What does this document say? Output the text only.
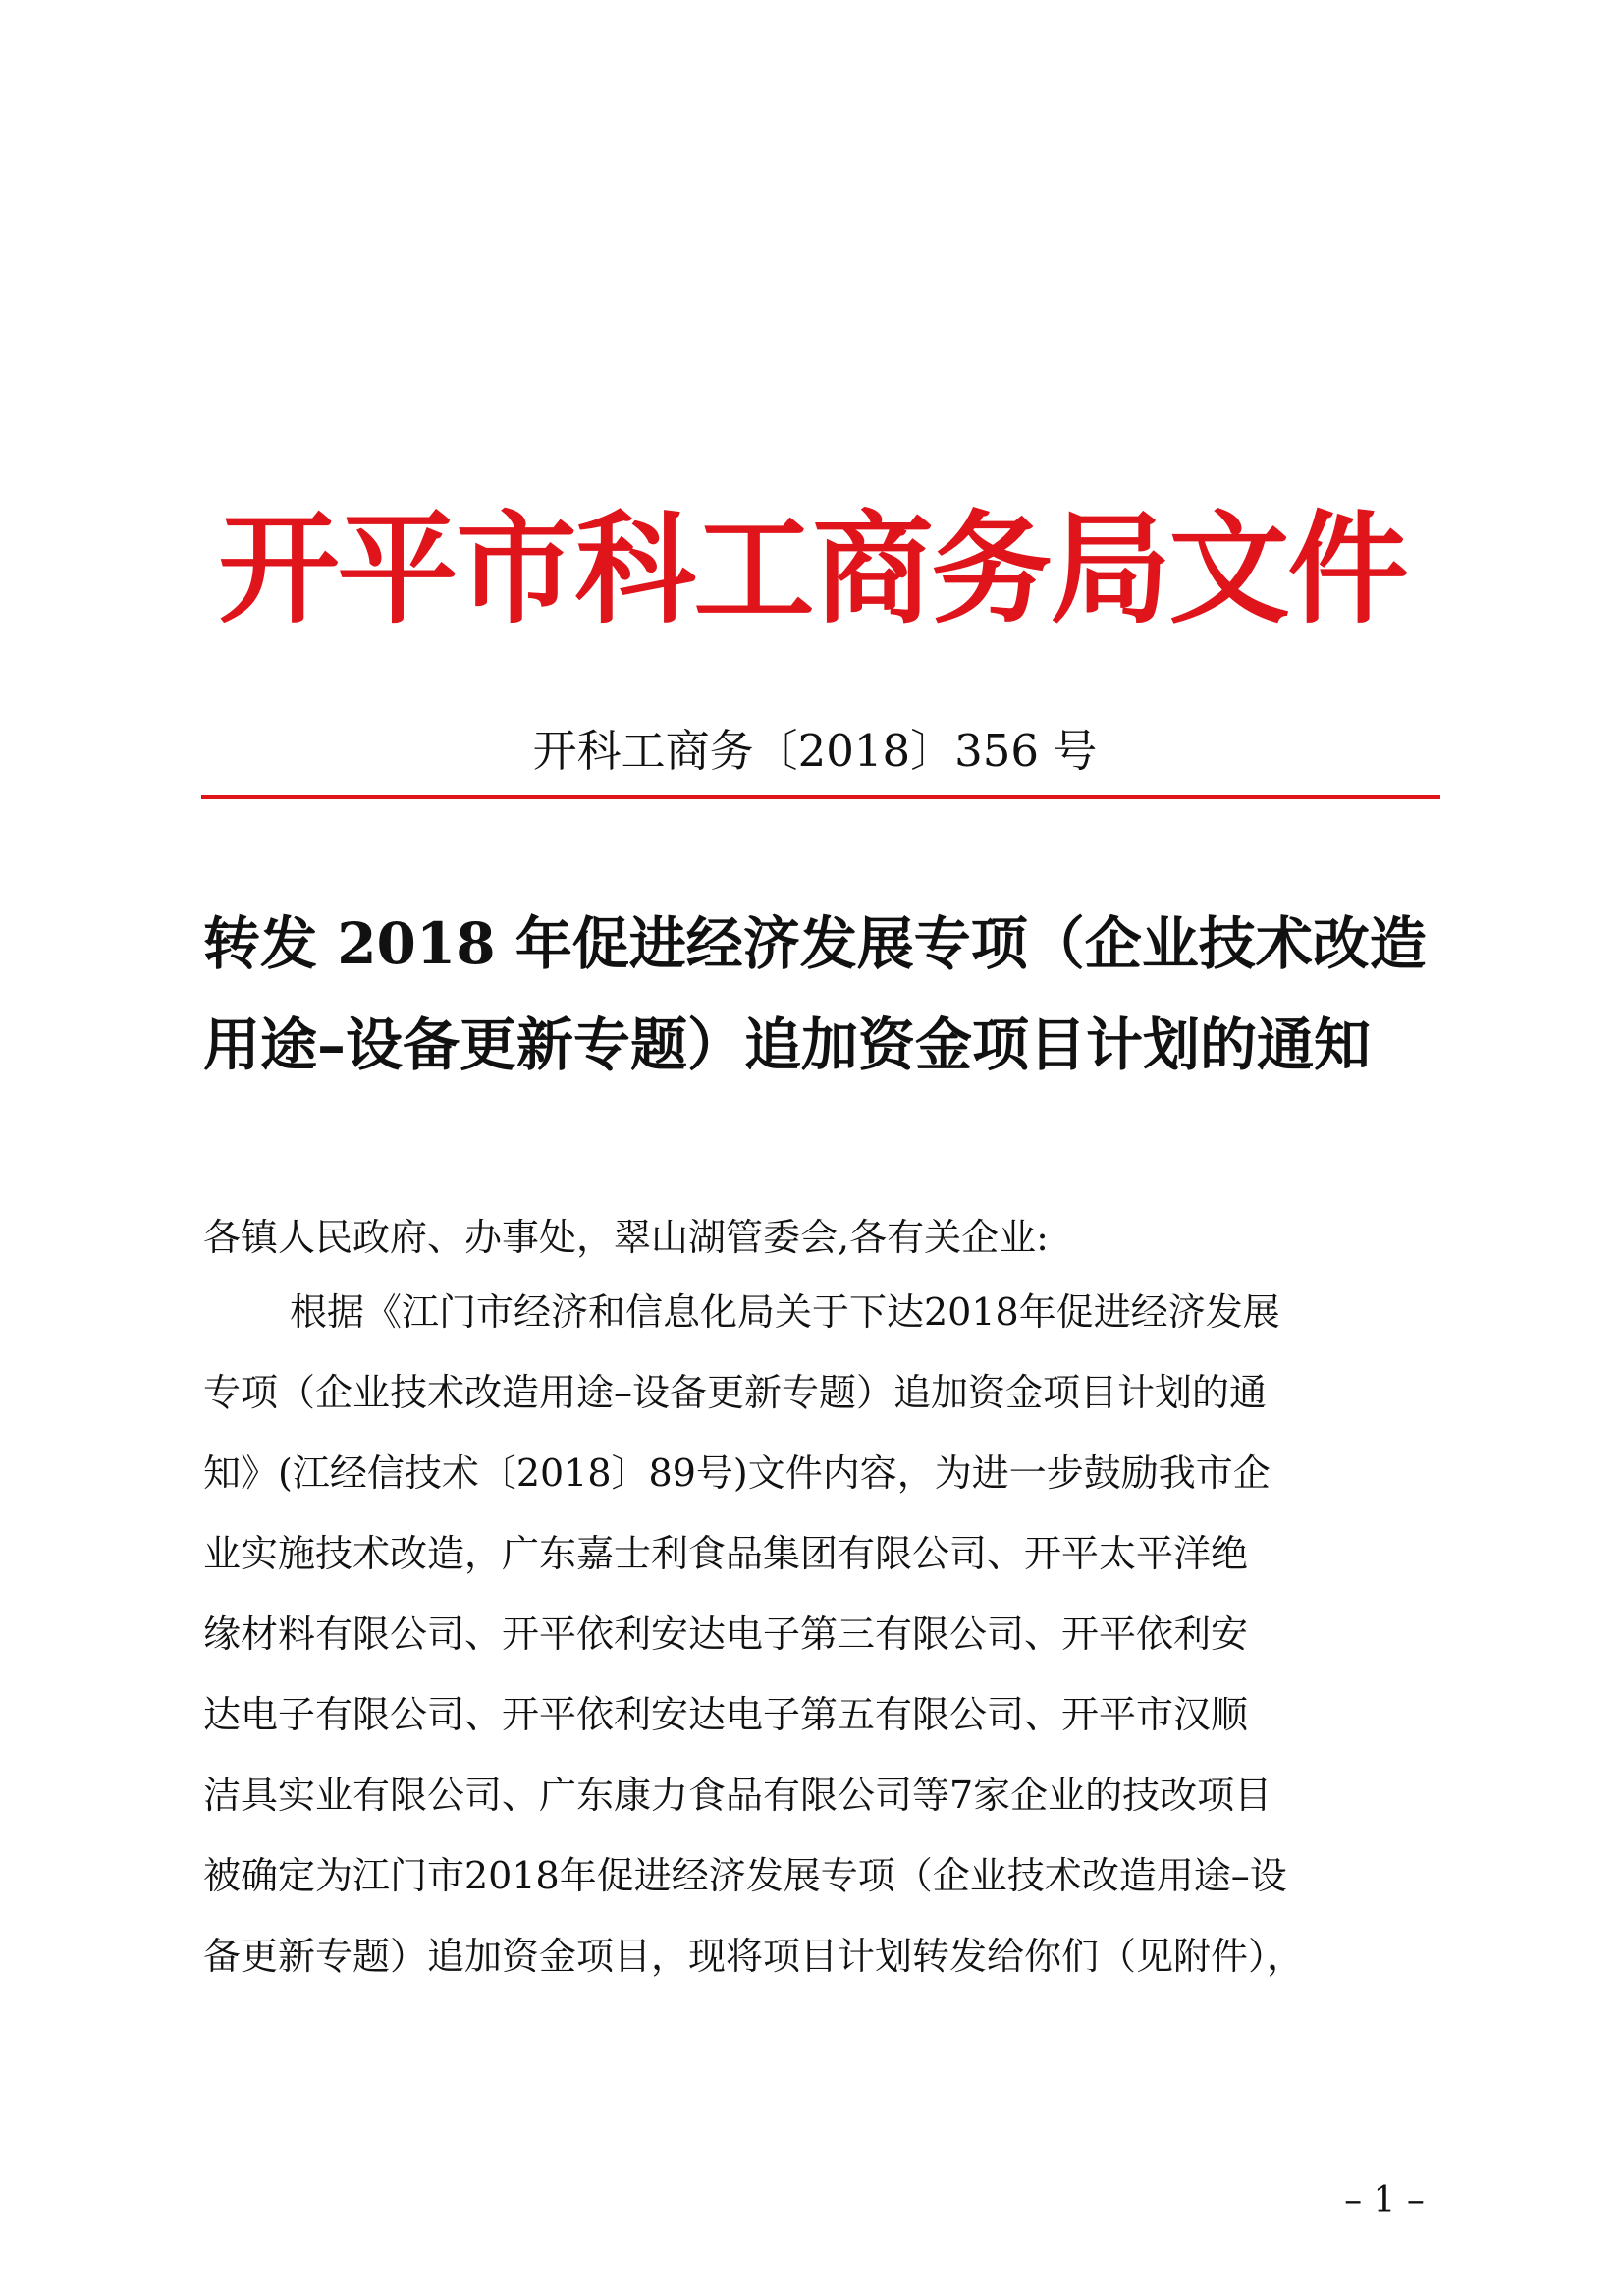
开平市科工商务局文件
开科工商务〔2018〕356 号
转发 2018 年促进经济发展专项（企业技术改造
用途–设备更新专题）追加资金项目计划的通知
各镇人民政府、办事处，翠山湖管委会,各有关企业:
根据《江门市经济和信息化局关于下达2018年促进经济发展
专项（企业技术改造用途–设备更新专题）追加资金项目计划的通
知》(江经信技术〔2018〕89号)文件内容，为进一步鼓励我市企
业实施技术改造，广东嘉士利食品集团有限公司、开平太平洋绝
缘材料有限公司、开平依利安达电子第三有限公司、开平依利安
达电子有限公司、开平依利安达电子第五有限公司、开平市汉顺
洁具实业有限公司、广东康力食品有限公司等7家企业的技改项目
被确定为江门市2018年促进经济发展专项（企业技术改造用途–设
备更新专题）追加资金项目，现将项目计划转发给你们（见附件），
– 1 –
